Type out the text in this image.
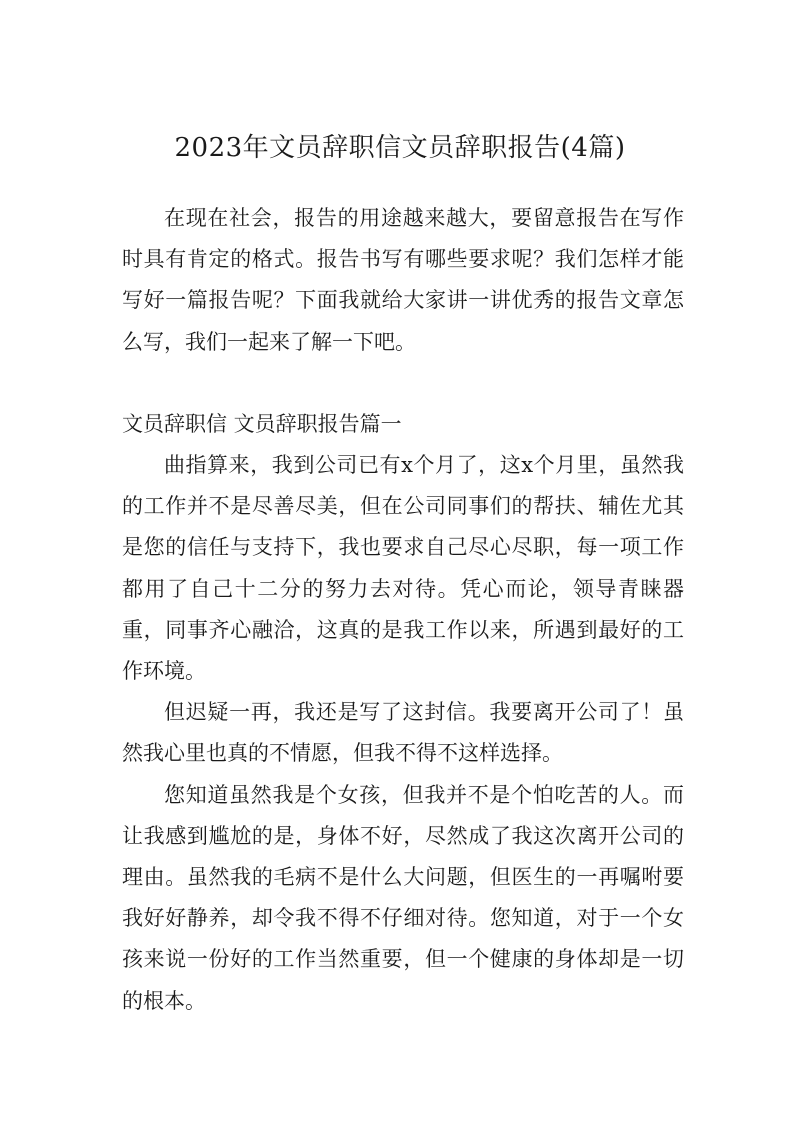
2023年文员辞职信文员辞职报告(4篇)

在现在社会，报告的用途越来越大，要留意报告在写作时具有肯定的格式。报告书写有哪些要求呢？我们怎样才能写好一篇报告呢？下面我就给大家讲一讲优秀的报告文章怎么写，我们一起来了解一下吧。

文员辞职信 文员辞职报告篇一

曲指算来，我到公司已有x个月了，这x个月里，虽然我的工作并不是尽善尽美，但在公司同事们的帮扶、辅佐尤其是您的信任与支持下，我也要求自己尽心尽职，每一项工作都用了自己十二分的努力去对待。凭心而论，领导青睐器重，同事齐心融洽，这真的是我工作以来，所遇到最好的工作环境。

但迟疑一再，我还是写了这封信。我要离开公司了！虽然我心里也真的不情愿，但我不得不这样选择。

您知道虽然我是个女孩，但我并不是个怕吃苦的人。而让我感到尴尬的是，身体不好，尽然成了我这次离开公司的理由。虽然我的毛病不是什么大问题，但医生的一再嘱咐要我好好静养，却令我不得不仔细对待。您知道，对于一个女孩来说一份好的工作当然重要，但一个健康的身体却是一切的根本。
